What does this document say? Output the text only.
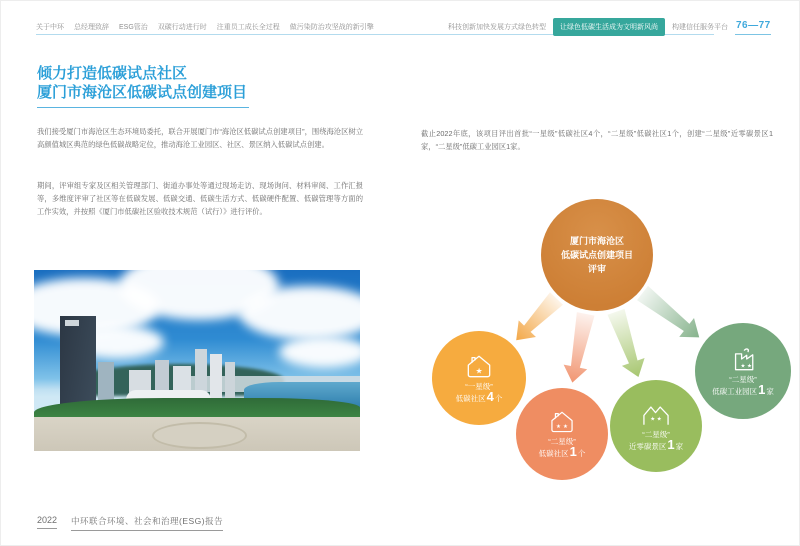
关于中环 总经理致辞 ESG管治 双碳行动进行时 注重员工成长全过程 做污染防治攻坚战的新引擎	科技创新加快发展方式绿色转型	让绿色低碳生活成为文明新风尚	构建信任服务平台 76—77
倾力打造低碳试点社区
厦门市海沧区低碳试点创建项目
我们接受厦门市海沧区生态环境局委托，联合开展厦门市“海沧区低碳试点创建项目”，围绕海沧区树立高颜值城区典范的绿色低碳战略定位，推动海沧工业园区、社区、景区纳入低碳试点创建。
期间，评审组专家及区相关管理部门、街道办事处等通过现场走访、现场询问、材料审阅、工作汇报等，多维度评审了社区等在低碳发展、低碳交通、低碳生活方式、低碳硬件配置、低碳管理等方面的工作实效，并按照《厦门市低碳社区验收技术规范（试行）》进行评价。
截止2022年底，该项目评出首批“一星级”低碳社区4个，“二星级”低碳社区1个，创建“二星级”近零碳景区1家，“二星级”低碳工业园区1家。
厦门市海沧区
低碳试点创建项目
评审
★
“一星级”
低碳社区 4 个
★ ★
“二星级”
低碳社区 1 个
★ ★
“二星级”
近零碳景区 1 家
★ ★
“二星级”
低碳工业园区 1 家
2022 中环联合环境、社会和治理(ESG)报告
